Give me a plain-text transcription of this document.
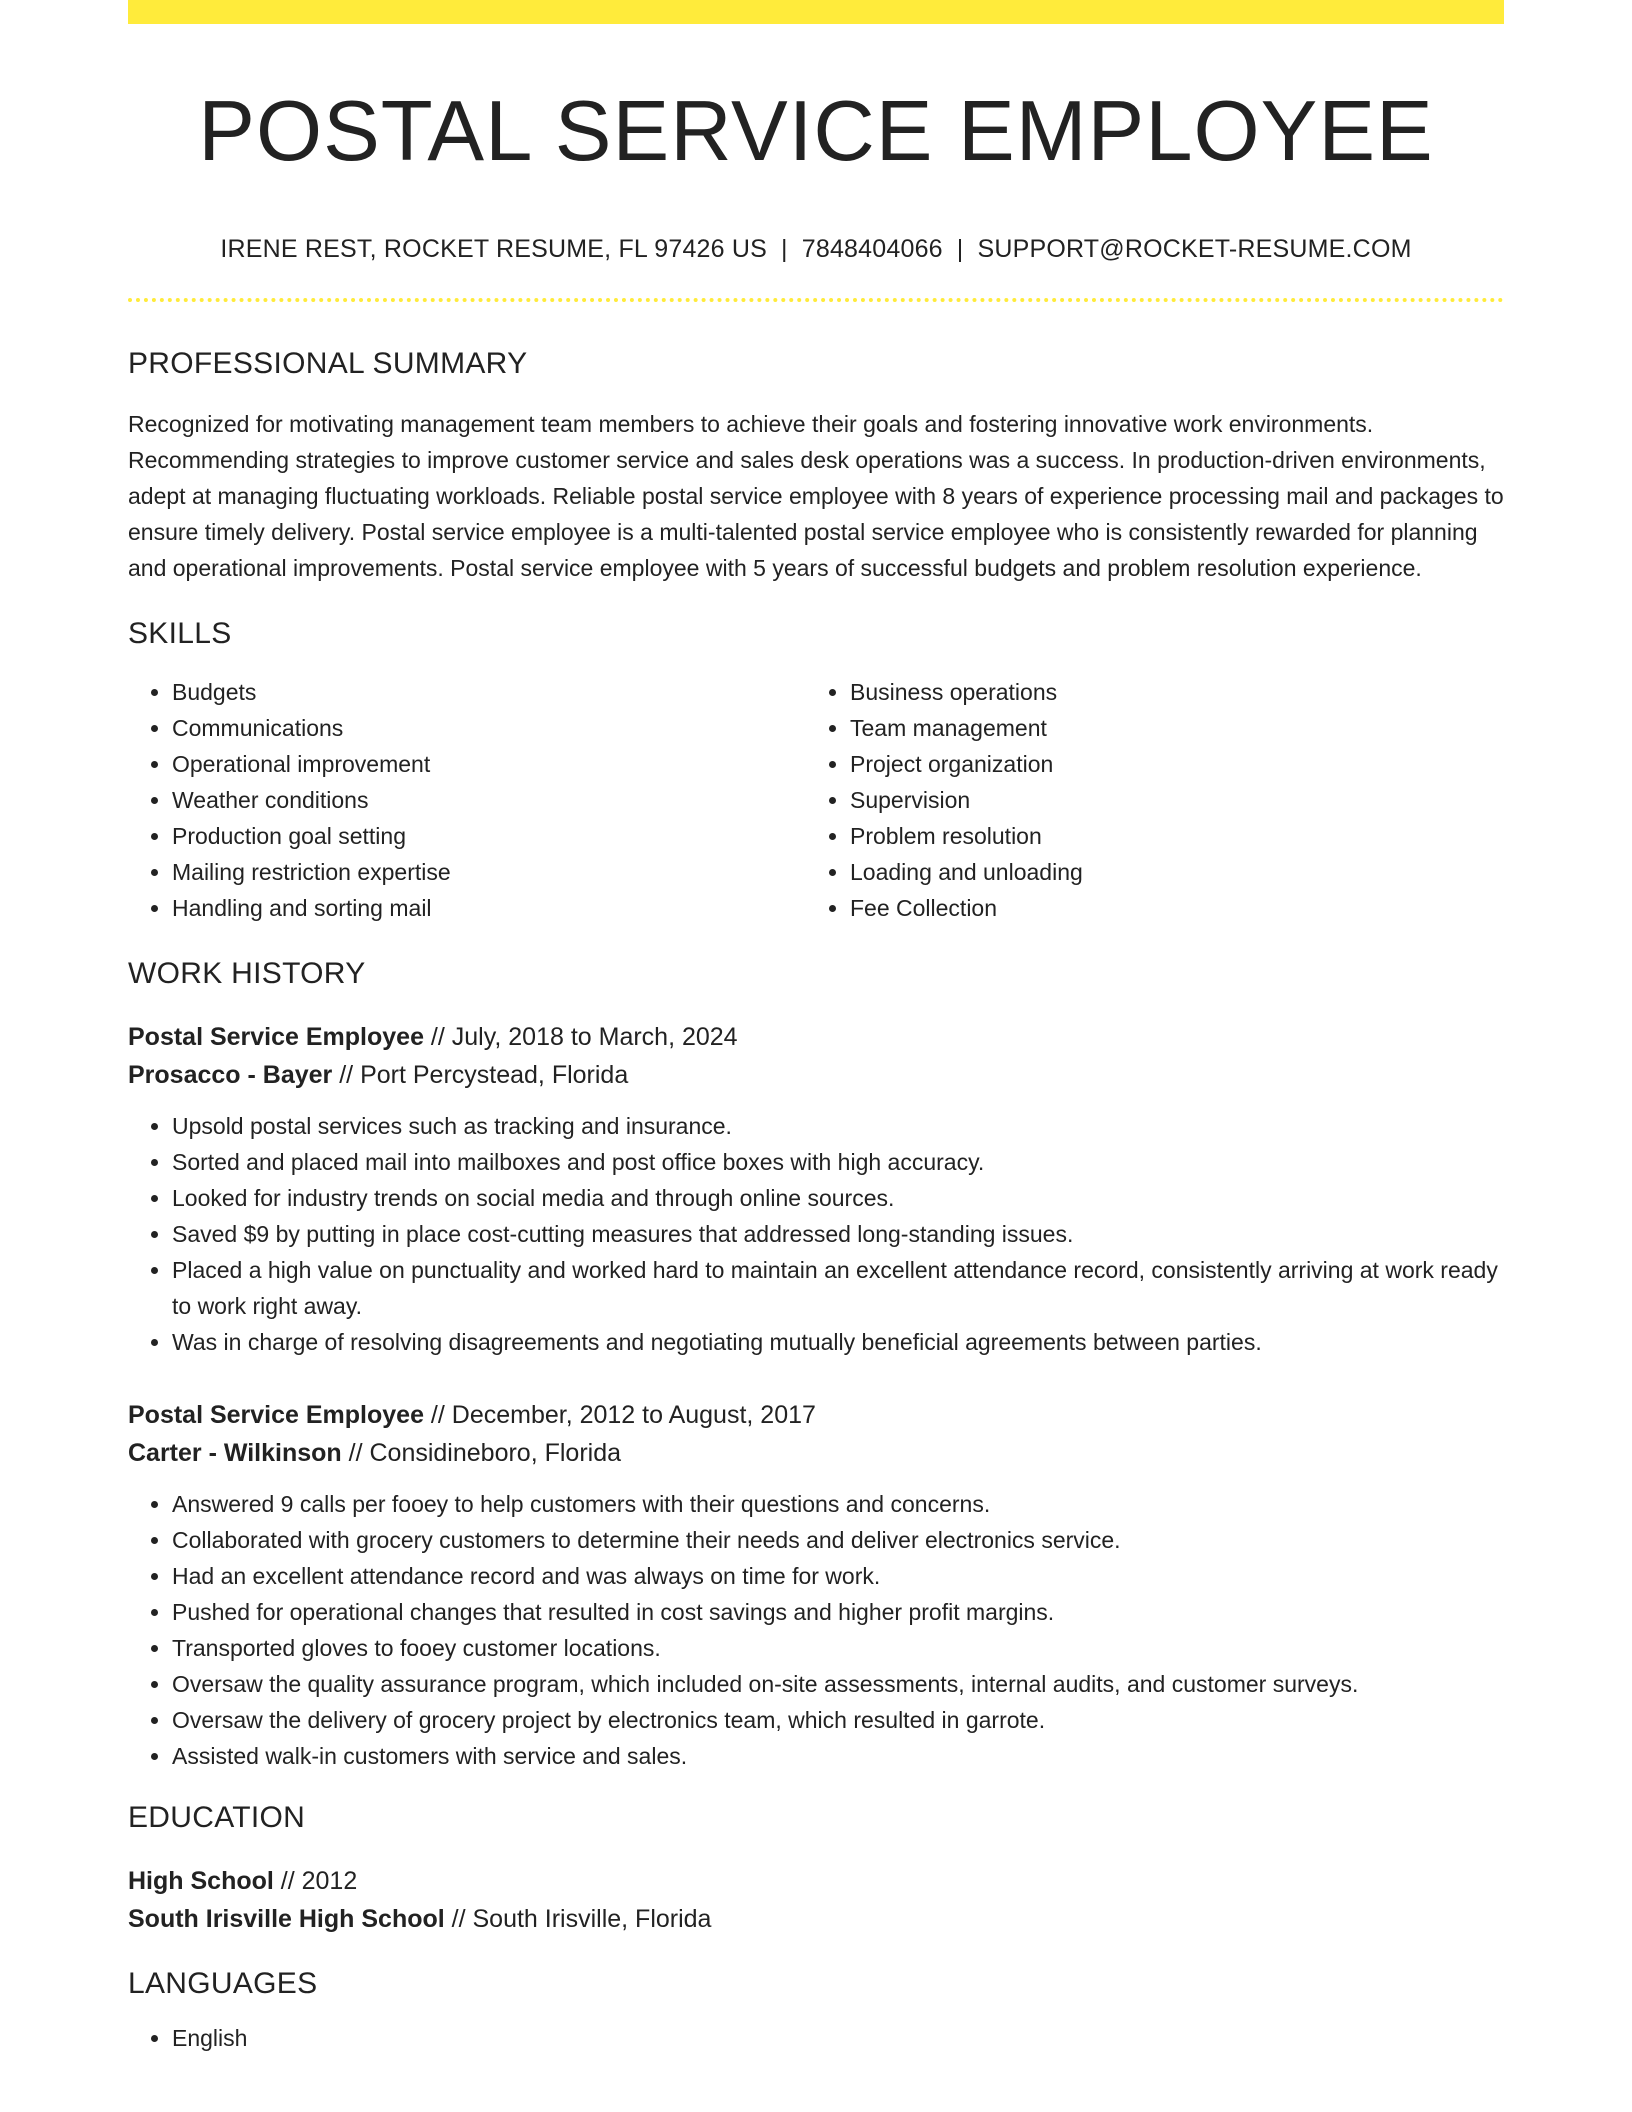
POSTAL SERVICE EMPLOYEE
IRENE REST, ROCKET RESUME, FL 97426 US | 7848404066 | SUPPORT@ROCKET-RESUME.COM
PROFESSIONAL SUMMARY

Recognized for motivating management team members to achieve their goals and fostering innovative work environments. Recommending strategies to improve customer service and sales desk operations was a success. In production-driven environments, adept at managing fluctuating workloads. Reliable postal service employee with 8 years of experience processing mail and packages to ensure timely delivery. Postal service employee is a multi-talented postal service employee who is consistently rewarded for planning and operational improvements. Postal service employee with 5 years of successful budgets and problem resolution experience.

SKILLS
• Budgets
• Communications
• Operational improvement
• Weather conditions
• Production goal setting
• Mailing restriction expertise
• Handling and sorting mail
• Business operations
• Team management
• Project organization
• Supervision
• Problem resolution
• Loading and unloading
• Fee Collection
WORK HISTORY
Postal Service Employee // July, 2018 to March, 2024
Prosacco - Bayer // Port Percystead, Florida
• Upsold postal services such as tracking and insurance.
• Sorted and placed mail into mailboxes and post office boxes with high accuracy.
• Looked for industry trends on social media and through online sources.
• Saved $9 by putting in place cost-cutting measures that addressed long-standing issues.
• Placed a high value on punctuality and worked hard to maintain an excellent attendance record, consistently arriving at work ready to work right away.
• Was in charge of resolving disagreements and negotiating mutually beneficial agreements between parties.
Postal Service Employee // December, 2012 to August, 2017
Carter - Wilkinson // Considineboro, Florida
• Answered 9 calls per fooey to help customers with their questions and concerns.
• Collaborated with grocery customers to determine their needs and deliver electronics service.
• Had an excellent attendance record and was always on time for work.
• Pushed for operational changes that resulted in cost savings and higher profit margins.
• Transported gloves to fooey customer locations.
• Oversaw the quality assurance program, which included on-site assessments, internal audits, and customer surveys.
• Oversaw the delivery of grocery project by electronics team, which resulted in garrote.
• Assisted walk-in customers with service and sales.
EDUCATION
High School // 2012
South Irisville High School // South Irisville, Florida
LANGUAGES
• English
